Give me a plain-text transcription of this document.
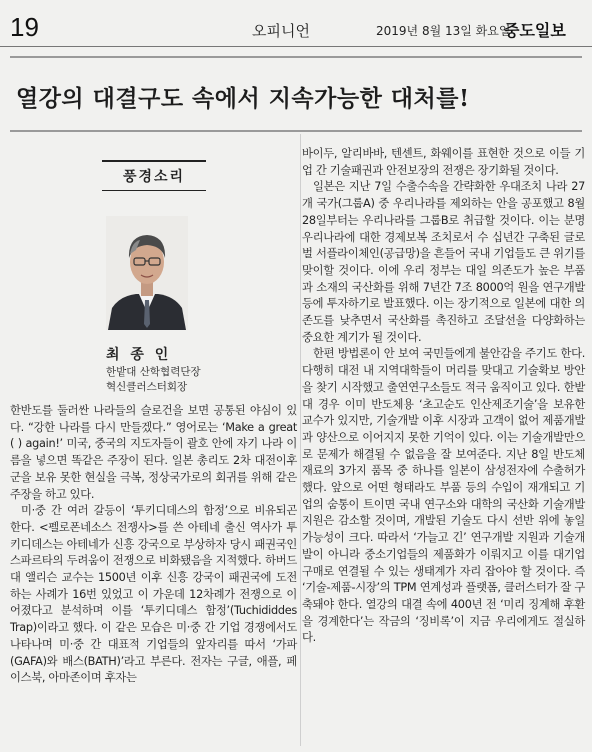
19	오피니언	2019년 8월 13일 화요일
중도일보
열강의 대결구도 속에서 지속가능한 대처를!
풍경소리
최 종 인
한밭대 산학협력단장
혁신클러스터회장

한반도를 둘러싼 나라들의 슬로건을 보면 공통된 야심이 있다. “강한 나라를 다시 만들겠다.” 영어로는 ‘Make a great ( ) again!’ 미국, 중국의 지도자들이 괄호 안에 자기 나라 이름을 넣으면 똑같은 주장이 된다. 일본 총리도 2차 대전이후 군을 보유 못한 현실을 극복, 정상국가로의 회귀를 위해 같은 주장을 하고 있다.

미·중 간 여러 갈등이 ‘투키디데스의 함정’으로 비유되곤 한다. <펠로폰네소스 전쟁사>를 쓴 아테네 출신 역사가 투키디데스는 아테네가 신흥 강국으로 부상하자 당시 패권국인 스파르타의 두려움이 전쟁으로 비화됐음을 지적했다. 하버드대 앨리슨 교수는 1500년 이후 신흥 강국이 패권국에 도전하는 사례가 16번 있었고 이 가운데 12차례가 전쟁으로 이어졌다고 분석하며 이를 ‘투키디데스 함정’(Tuchididdes Trap)이라고 했다. 이 같은 모습은 미·중 간 기업 경쟁에서도 나타나며 미·중 간 대표적 기업들의 앞자리를 따서 ‘가파(GAFA)와 배스(BATH)’라고 부른다. 전자는 구글, 애플, 페이스북, 아마존이며 후자는

바이두, 알리바바, 텐센트, 화웨이를 표현한 것으로 이들 기업 간 기술패권과 안전보장의 전쟁은 장기화될 것이다.

일본은 지난 7일 수출수속을 간략화한 우대조치 나라 27개 국가(그룹A) 중 우리나라를 제외하는 안을 공포했고 8월 28일부터는 우리나라를 그룹B로 취급할 것이다. 이는 분명 우리나라에 대한 경제보복 조치로서 수 십년간 구축된 글로벌 서플라이체인(공급망)을 흔들어 국내 기업들도 큰 위기를 맞이할 것이다. 이에 우리 정부는 대일 의존도가 높은 부품과 소재의 국산화를 위해 7년간 7조 8000억 원을 연구개발 등에 투자하기로 발표했다. 이는 장기적으로 일본에 대한 의존도를 낮추면서 국산화를 촉진하고 조달선을 다양화하는 중요한 계기가 될 것이다.

한편 방법론이 안 보여 국민들에게 불안감을 주기도 한다. 다행히 대전 내 지역대학들이 머리를 맞대고 기술확보 방안을 찾기 시작했고 출연연구소들도 적극 움직이고 있다. 한밭대 경우 이미 반도체용 ‘초고순도 인산제조기술’을 보유한 교수가 있지만, 기술개발 이후 시장과 고객이 없어 제품개발과 양산으로 이어지지 못한 기억이 있다. 이는 기술개발만으로 문제가 해결될 수 없음을 잘 보여준다. 지난 8일 반도체 재료의 3가지 품목 중 하나를 일본이 삼성전자에 수출허가했다. 앞으로 어떤 형태라도 부품 등의 수입이 재개되고 기업의 숨통이 트이면 국내 연구소와 대학의 국산화 기술개발 지원은 감소할 것이며, 개발된 기술도 다시 선반 위에 놓일 가능성이 크다. 따라서 ‘가늘고 긴’ 연구개발 지원과 기술개발이 아니라 중소기업들의 제품화가 이뤄지고 이를 대기업 구매로 연결될 수 있는 생태계가 자리 잡아야 할 것이다. 즉 ‘기술-제품-시장’의 TPM 연계성과 플랫폼, 클러스터가 잘 구축돼야 한다. 열강의 대결 속에 400년 전 ‘미리 징계해 후환을 경계한다’는 작금의 ‘징비록’이 지금 우리에게도 절실하다.
